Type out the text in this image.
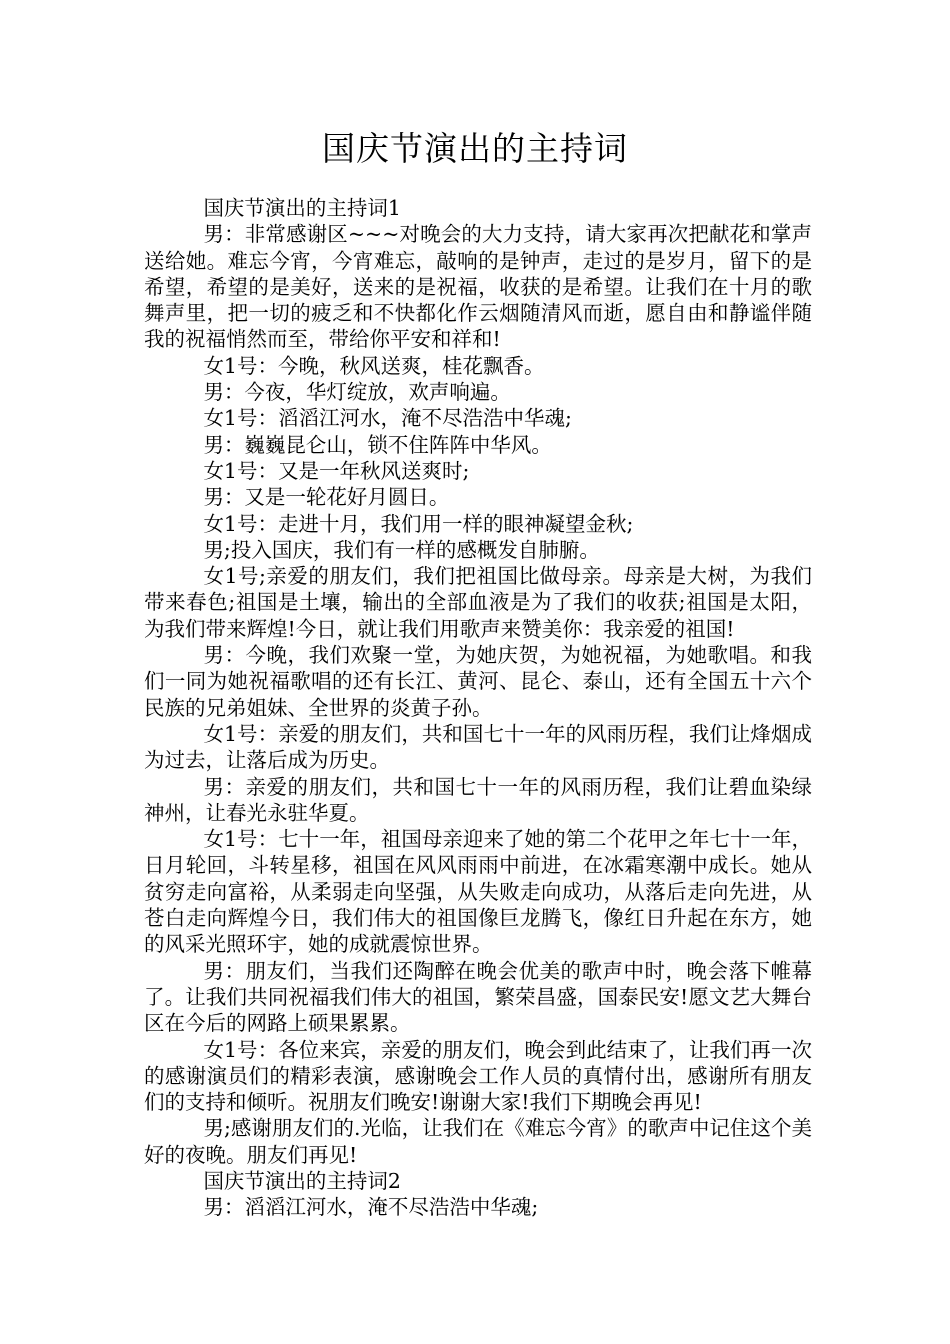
国庆节演出的主持词

国庆节演出的主持词1

男：非常感谢区~~~对晚会的大力支持，请大家再次把献花和掌声送给她。难忘今宵，今宵难忘，敲响的是钟声，走过的是岁月，留下的是希望，希望的是美好，送来的是祝福，收获的是希望。让我们在十月的歌舞声里，把一切的疲乏和不快都化作云烟随清风而逝，愿自由和静谧伴随我的祝福悄然而至，带给你平安和祥和!

女1号：今晚，秋风送爽，桂花飘香。

男：今夜，华灯绽放，欢声响遍。

女1号：滔滔江河水，淹不尽浩浩中华魂;

男：巍巍昆仑山，锁不住阵阵中华风。

女1号：又是一年秋风送爽时;

男：又是一轮花好月圆日。

女1号：走进十月，我们用一样的眼神凝望金秋;

男;投入国庆，我们有一样的感概发自肺腑。

女1号;亲爱的朋友们，我们把祖国比做母亲。母亲是大树，为我们带来春色;祖国是土壤，输出的全部血液是为了我们的收获;祖国是太阳，为我们带来辉煌!今日，就让我们用歌声来赞美你：我亲爱的祖国!

男：今晚，我们欢聚一堂，为她庆贺，为她祝福，为她歌唱。和我们一同为她祝福歌唱的还有长江、黄河、昆仑、泰山，还有全国五十六个民族的兄弟姐妹、全世界的炎黄子孙。

女1号：亲爱的朋友们，共和国七十一年的风雨历程，我们让烽烟成为过去，让落后成为历史。

男：亲爱的朋友们，共和国七十一年的风雨历程，我们让碧血染绿神州，让春光永驻华夏。

女1号：七十一年，祖国母亲迎来了她的第二个花甲之年七十一年，日月轮回，斗转星移，祖国在风风雨雨中前进，在冰霜寒潮中成长。她从贫穷走向富裕，从柔弱走向坚强，从失败走向成功，从落后走向先进，从苍白走向辉煌今日，我们伟大的祖国像巨龙腾飞，像红日升起在东方，她的风采光照环宇，她的成就震惊世界。

男：朋友们，当我们还陶醉在晚会优美的歌声中时，晚会落下帷幕了。让我们共同祝福我们伟大的祖国，繁荣昌盛，国泰民安!愿文艺大舞台区在今后的网路上硕果累累。

女1号：各位来宾，亲爱的朋友们，晚会到此结束了，让我们再一次的感谢演员们的精彩表演，感谢晚会工作人员的真情付出，感谢所有朋友们的支持和倾听。祝朋友们晚安!谢谢大家!我们下期晚会再见!

男;感谢朋友们的.光临，让我们在《难忘今宵》的歌声中记住这个美好的夜晚。朋友们再见!

国庆节演出的主持词2

男：滔滔江河水，淹不尽浩浩中华魂;
